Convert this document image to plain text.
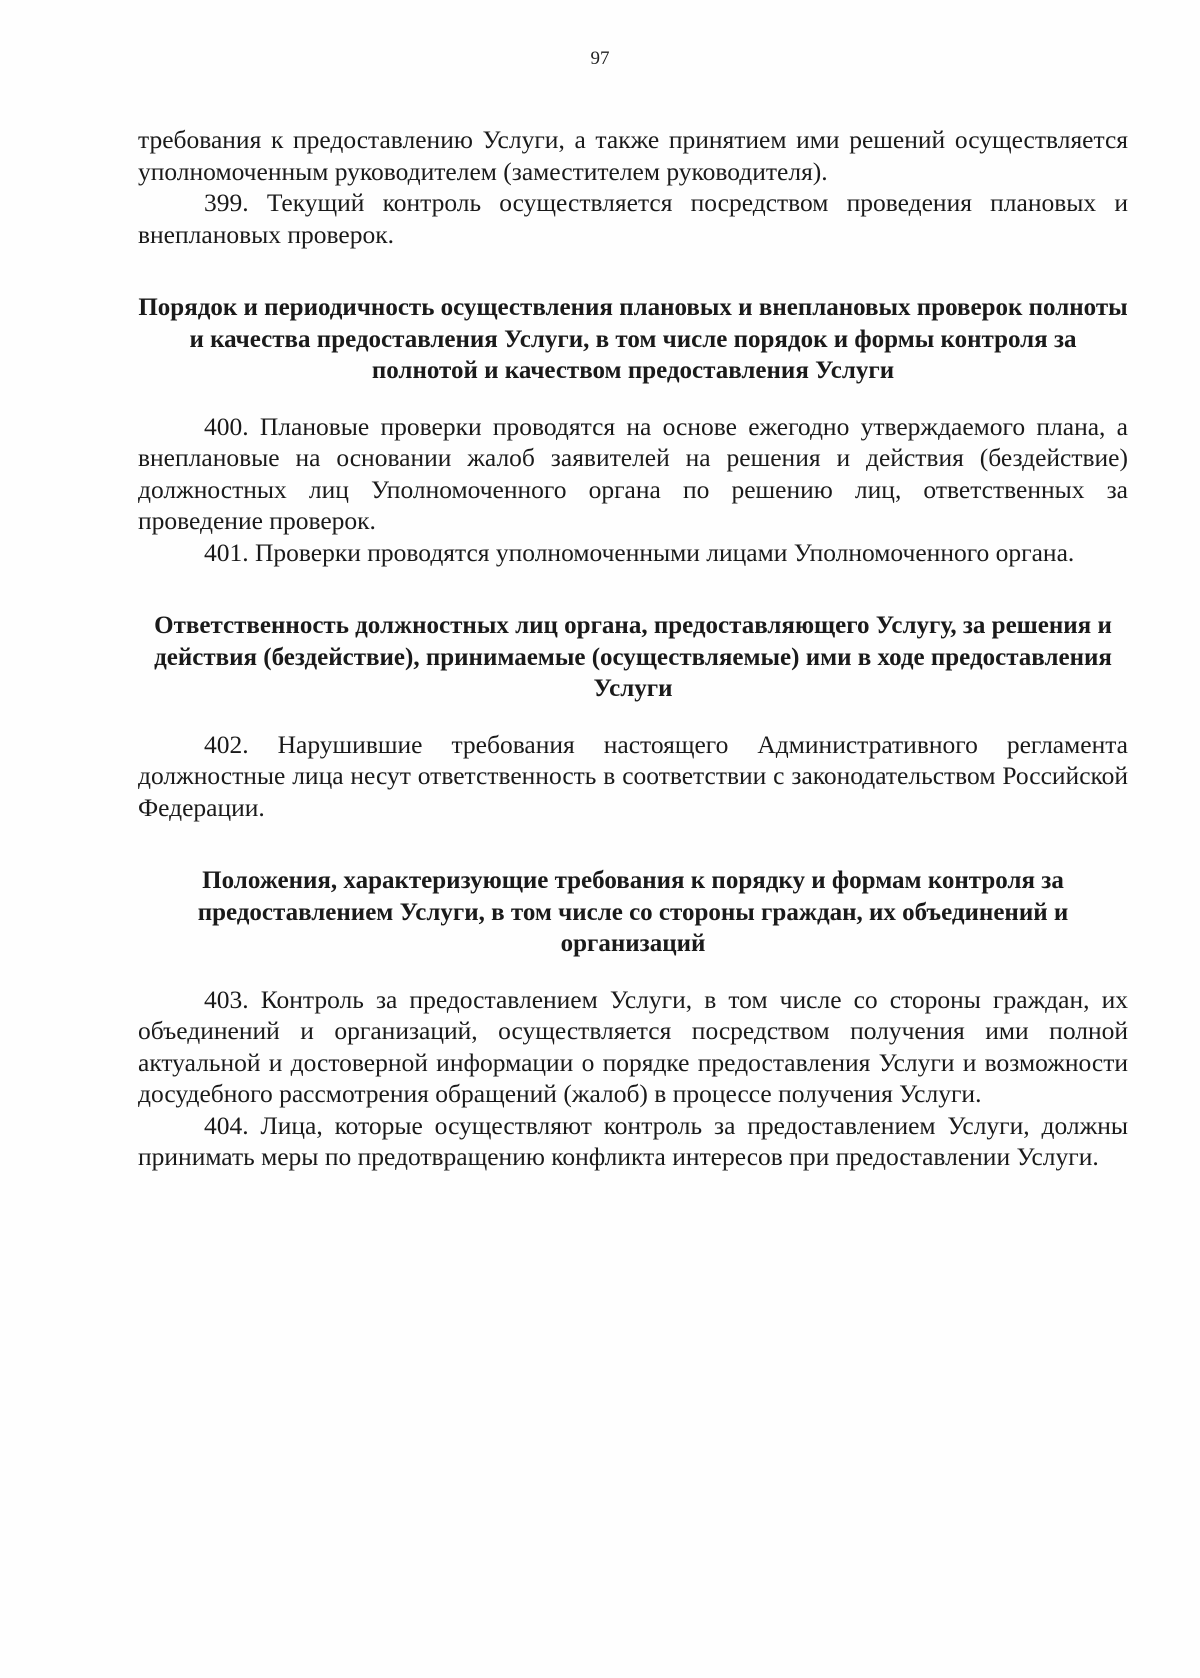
97

требования к предоставлению Услуги, а также принятием ими решений осуществляется уполномоченным руководителем (заместителем руководителя).

399. Текущий контроль осуществляется посредством проведения плановых и внеплановых проверок.

Порядок и периодичность осуществления плановых и внеплановых проверок полноты и качества предоставления Услуги, в том числе порядок и формы контроля за полнотой и качеством предоставления Услуги

400. Плановые проверки проводятся на основе ежегодно утверждаемого плана, а внеплановые на основании жалоб заявителей на решения и действия (бездействие) должностных лиц Уполномоченного органа по решению лиц, ответственных за проведение проверок.

401. Проверки проводятся уполномоченными лицами Уполномоченного органа.

Ответственность должностных лиц органа, предоставляющего Услугу, за решения и действия (бездействие), принимаемые (осуществляемые) ими в ходе предоставления Услуги

402. Нарушившие требования настоящего Административного регламента должностные лица несут ответственность в соответствии с законодательством Российской Федерации.

Положения, характеризующие требования к порядку и формам контроля за предоставлением Услуги, в том числе со стороны граждан, их объединений и организаций

403. Контроль за предоставлением Услуги, в том числе со стороны граждан, их объединений и организаций, осуществляется посредством получения ими полной актуальной и достоверной информации о порядке предоставления Услуги и возможности досудебного рассмотрения обращений (жалоб) в процессе получения Услуги.

404. Лица, которые осуществляют контроль за предоставлением Услуги, должны принимать меры по предотвращению конфликта интересов при предоставлении Услуги.
